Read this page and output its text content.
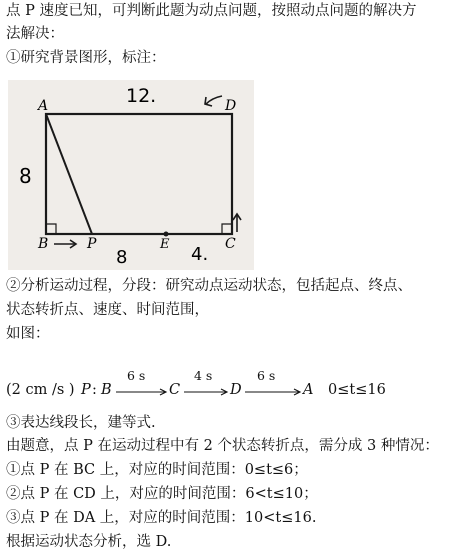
点 P 速度已知，可判断此题为动点问题，按照动点问题的解决方
法解决：
①研究背景图形，标注：
A	D
B	P	E	C
12.
8
8	4.
②分析运动过程，分段：研究动点运动状态，包括起点、终点、
状态转折点、速度、时间范围，
如图：
(2 cm /s ) P : B	C	D	A 0≤t≤16
6 s	4 s	6 s
③表达线段长，建等式.
由题意，点 P 在运动过程中有 2 个状态转折点，需分成 3 种情况：
①点 P 在 BC 上，对应的时间范围：0≤t≤6；
②点 P 在 CD 上，对应的时间范围：6<t≤10；
③点 P 在 DA 上，对应的时间范围：10<t≤16.
根据运动状态分析，选 D.
